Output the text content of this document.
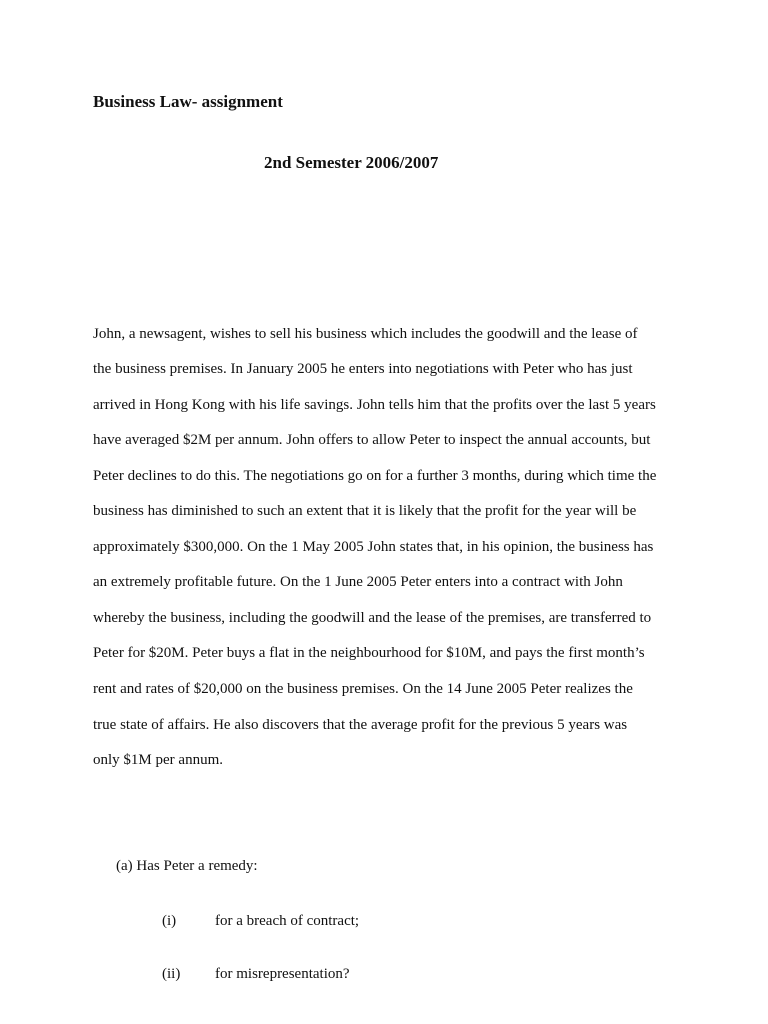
Business Law- assignment
2nd Semester 2006/2007
John, a newsagent, wishes to sell his business which includes the goodwill and the lease of
the business premises. In January 2005 he enters into negotiations with Peter who has just
arrived in Hong Kong with his life savings. John tells him that the profits over the last 5 years
have averaged $2M per annum. John offers to allow Peter to inspect the annual accounts, but
Peter declines to do this. The negotiations go on for a further 3 months, during which time the
business has diminished to such an extent that it is likely that the profit for the year will be
approximately $300,000. On the 1 May 2005 John states that, in his opinion, the business has
an extremely profitable future. On the 1 June 2005 Peter enters into a contract with John
whereby the business, including the goodwill and the lease of the premises, are transferred to
Peter for $20M. Peter buys a flat in the neighbourhood for $10M, and pays the first month’s
rent and rates of $20,000 on the business premises. On the 14 June 2005 Peter realizes the
true state of affairs. He also discovers that the average profit for the previous 5 years was
only $1M per annum.
(a) Has Peter a remedy:
(i)	for a breach of contract;
(ii) for misrepresentation?
